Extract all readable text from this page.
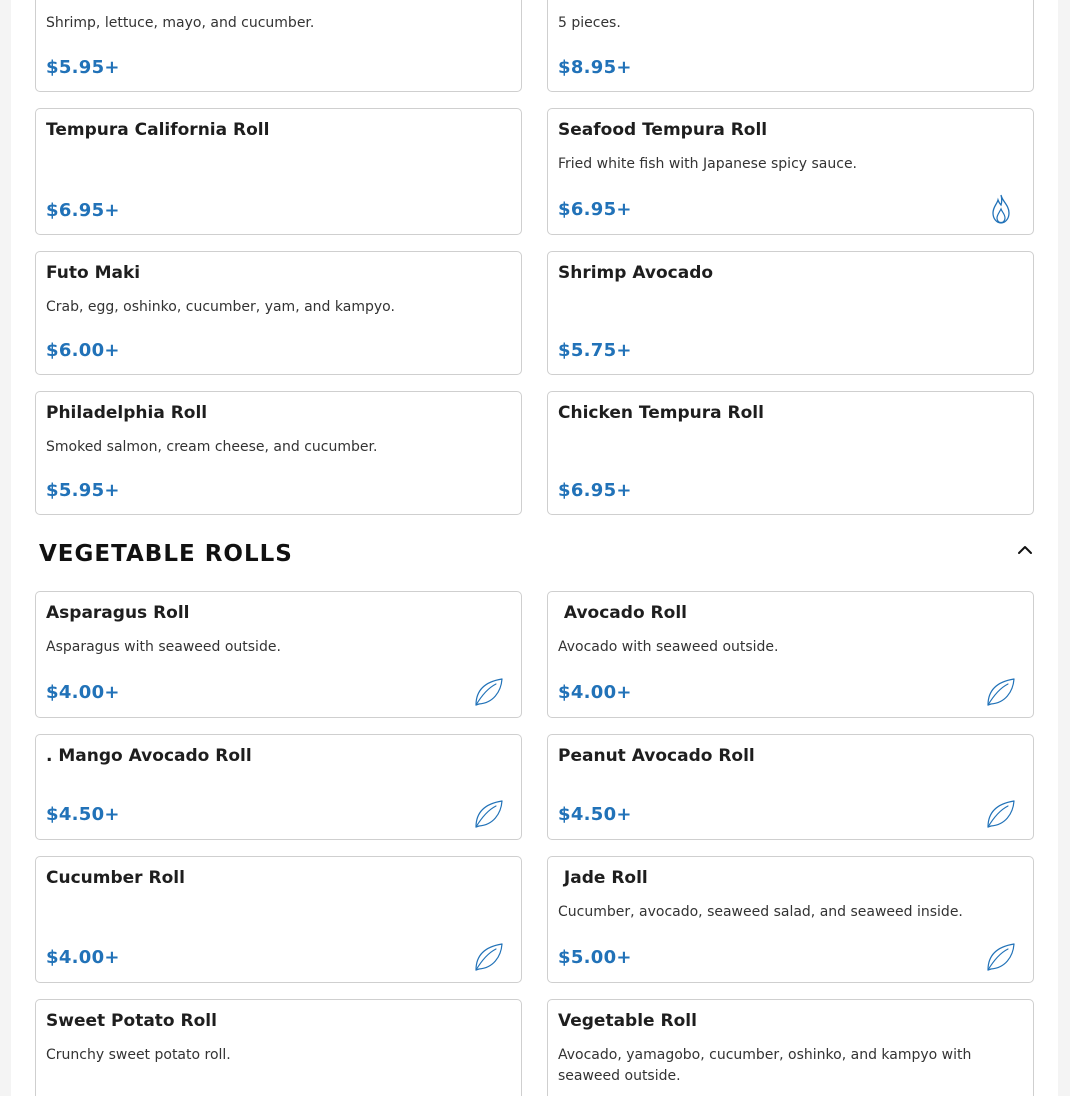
Shrimp, lettuce, mayo, and cucumber.
$5.95+
5 pieces.
$8.95+
Tempura California Roll
$6.95+
Seafood Tempura Roll
Fried white fish with Japanese spicy sauce.
$6.95+
Futo Maki
Crab, egg, oshinko, cucumber, yam, and kampyo.
$6.00+
Shrimp Avocado
$5.75+
Philadelphia Roll
Smoked salmon, cream cheese, and cucumber.
$5.95+
Chicken Tempura Roll
$6.95+
VEGETABLE ROLLS
Asparagus Roll
Asparagus with seaweed outside.
$4.00+
Avocado Roll
Avocado with seaweed outside.
$4.00+
. Mango Avocado Roll
$4.50+
Peanut Avocado Roll
$4.50+
Cucumber Roll
$4.00+
Jade Roll
Cucumber, avocado, seaweed salad, and seaweed inside.
$5.00+
Sweet Potato Roll
Crunchy sweet potato roll.
Vegetable Roll
Avocado, yamagobo, cucumber, oshinko, and kampyo with seaweed outside.
